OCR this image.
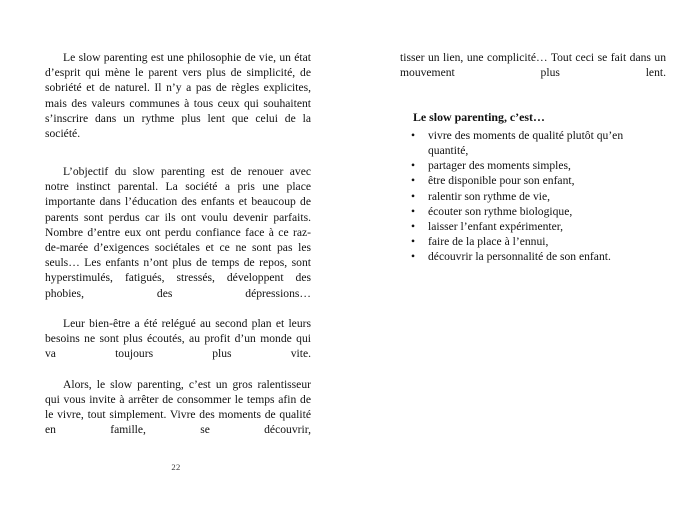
Le slow parenting est une philosophie de vie, un état d’esprit qui mène le parent vers plus de simplicité, de sobriété et de naturel. Il n’y a pas de règles explicites, mais des valeurs communes à tous ceux qui souhaitent s’inscrire dans un rythme plus lent que celui de la société.

L’objectif du slow parenting est de renouer avec notre instinct parental. La société a pris une place importante dans l’éducation des enfants et beaucoup de parents sont perdus car ils ont voulu devenir parfaits. Nombre d’entre eux ont perdu confiance face à ce raz-de-marée d’exigences sociétales et ce ne sont pas les seuls… Les enfants n’ont plus de temps de repos, sont hyperstimulés, fatigués, stressés, développent des phobies, des dépressions…

Leur bien-être a été relégué au second plan et leurs besoins ne sont plus écoutés, au profit d’un monde qui va toujours plus vite.

Alors, le slow parenting, c’est un gros ralentisseur qui vous invite à arrêter de consommer le temps afin de le vivre, tout simplement. Vivre des moments de qualité en famille, se découvrir,

tisser un lien, une complicité… Tout ceci se fait dans un mouvement plus lent.

Le slow parenting, c’est…
• vivre des moments de qualité plutôt qu’en quantité,
• partager des moments simples,
• être disponible pour son enfant,
• ralentir son rythme de vie,
• écouter son rythme biologique,
• laisser l’enfant expérimenter,
• faire de la place à l’ennui,
• découvrir la personnalité de son enfant.
22
